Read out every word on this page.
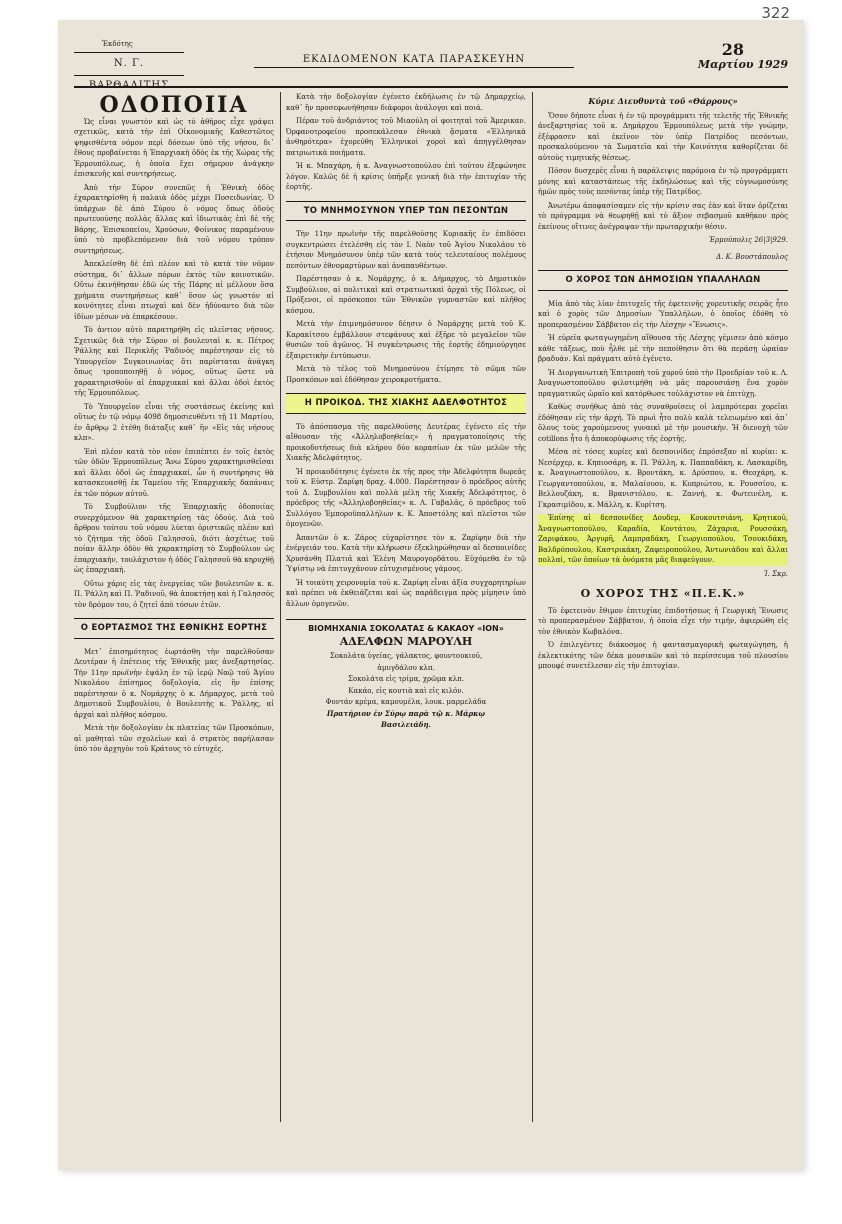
322
Ἐκδότης
Ν. Γ. ΒΑΡΘΑΛΙΤΗΣ
ΕΚΔΙΔΟΜΕΝΟΝ ΚΑΤΑ ΠΑΡΑΣΚΕΥΗΝ
28
Μαρτίου 1929
ΟΔΟΠΟΙΙΑ

Ὡς εἶναι γνωστὸν καὶ ὡς τὸ ἀθῆρος εἶχε γράψει σχετικῶς, κατὰ τὴν ἐπὶ Οἰκονομικῆς Καθεστῶτος ψηφισθέντα νόμον περὶ δόσεων ὑπὸ τῆς νήσου, δι᾽ ἔθους προβαίνεται ἡ Ἐπαρχιακὴ ὁδὸς ἐκ τῆς Χώρας τῆς Ἐρμουπόλεως, ἡ ὁποία ἔχει σήμερον ἀνάγκην ἐπισκευῆς καὶ συντηρήσεως.

Ἀπὸ τὴν Σύρον συνεπῶς ἡ Ἐθνικὴ ὁδὸς ἐχαρακτηρίσθη ἡ παλαιὰ ὁδὸς μέχρι Ποσειδωνίας. Ὁ ὑπάρχων δὲ ἀπὸ Σύρου ὁ νόμος ὅπως ὁδοὺς πρωτευούσης πολλὰς ἄλλας καὶ ἰδιωτικὰς ἐπὶ δὲ τῆς Βάρης, Ἐπισκοπείου, Χρούσων, Φοίνικος παραμένουν ὑπὸ τὸ προβλεπόμενον διὰ τοῦ νόμου τρόπον συντηρήσεως.

Ἀπεκλείσθη δὲ ἐπὶ πλέον καὶ τὸ κατὰ τὸν νόμον σύστημα, δι᾽ ἄλλων πόρων ἐκτὸς τῶν κοινοτικῶν. Οὕτω ἐκινήθησαν ἐδῶ ὡς τῆς Πάρης αἱ μέλλουν ὅσα χρήματα συντηρήσεως καθ᾽ ὅσον ὡς γνωστόν αἱ κοινότητες εἶναι πτωχαὶ καὶ δὲν ἠδύναντο διὰ τῶν ἰδίων μέσων νὰ ἐπαρκέσουν.

Τὸ ἀντιον αὐτὸ παρατηρήθη εἰς πλεῖστας νήσους. Σχετικῶς διὰ τὴν Σύρον οἱ βουλευταὶ κ. κ. Πέτρος Ῥάλλης καὶ Περικλῆς Ῥαδινὸς παρέστησαν εἰς τὸ Ὑπουργεῖον Συγκοινωνίας ὅτι παρίσταται ἀνάγκη ὅπως τροποποιηθῇ ὁ νόμος, οὕτως ὥστε νὰ χαρακτηρισθοῦν αἱ ἐπαρχιακαὶ καὶ ἄλλαι ὁδοὶ ἐκτὸς τῆς Ἑρμουπόλεως.

Τὸ Ὑπουργεῖον εἶναι τῆς συστάσεως ἐκείνης καὶ οὕτως ἐν τῷ νόμῳ 4098 δημοσιευθέντι τῇ 11 Μαρτίου, ἐν ἄρθρῳ 2 ἐτέθη διάταξις καθ᾽ ἣν «Εἰς τὰς νήσους κλπ».

Ἐπὶ πλέον κατὰ τὸν νέον ἐπιπέπτει ἐν τοῖς ἐκτὸς τῶν ὁδῶν Ἑρμουπόλεως Ἄνω Σύρου χαρακτηρισθεῖσαι καὶ ἄλλαι ὁδοὶ ὡς ἐπαρχιακαί, ὧν ἡ συντήρησις θὰ κατασκευασθῇ ἐκ Ταμείου τῆς Ἐπαρχιακῆς δαπάναις ἐκ τῶν πόρων αὐτοῦ.

Τὸ Συμβούλιον τῆς Ἐπαρχιακῆς ὁδοποιίας συνερχόμενον θὰ χαρακτηρίσῃ τὰς ὁδούς. Διὰ τοῦ ἄρθρου τούτου τοῦ νόμου λύεται ὁριστικῶς πλέον καὶ τὸ ζήτημα τῆς ὁδοῦ Γαλησσοῦ, διότι ἀσχέτως τοῦ ποίαν ἄλλην ὁδὸν θὰ χαρακτηρίσῃ τὸ Συμβούλιον ὡς ἐπαρχιακήν, τουλάχιστον ἡ ὁδὸς Γαλησσοῦ θὰ κηρυχθῇ ὡς ἐπαρχιακή.

Οὕτω χάρις εἰς τὰς ἐνεργείας τῶν βουλευτῶν κ. κ. Π. Ῥάλλη καὶ Π. Ῥαδινοῦ, θὰ ἀποκτήσῃ καὶ ἡ Γαλησσὸς τὸν δρόμον του, ὁ ζητεῖ ἀπὸ τόσων ἐτῶν.

Ο ΕΟΡΤΑΣΜΟΣ ΤΗΣ ΕΘΝΙΚΗΣ ΕΟΡΤΗΣ

Μετ᾽ ἐπισημότητος ἑωρτάσθη τὴν παρελθοῦσαν Δευτέραν ἡ ἐπέτειος τῆς Ἐθνικῆς μας ἀνεξαρτησίας. Τὴν 11ην πρωϊνὴν ἐψάλη ἐν τῷ ἱερῷ Ναῷ τοῦ Ἁγίου Νικολάου ἐπίσημος δοξολογία, εἰς ἣν ἐπίσης παρέστησαν ὁ κ. Νομάρχης ὁ κ. Δήμαρχος, μετὰ τοῦ Δημοτικοῦ Συμβουλίου, ὁ Βουλευτὴς κ. Ῥάλλης, αἱ ἀρχαὶ καὶ πλῆθος κόσμου.

Μετὰ τὴν δοξολογίαν ἐκ πλατείας τῶν Προσκόπων, αἱ μαθηταὶ τῶν σχολείων καὶ ὁ στρατὸς παρήλασαν ὑπὸ τὸν ἀρχηγὸν τοῦ Κράτους τὸ εὐτυχές.

Κατὰ τὴν δοξολογίαν ἐγένετο ἐκδήλωσις ἐν τῷ Δημαρχείῳ, καθ᾽ ἣν προσεφωνήθησαν διάφοροι ἀνάλογοι καὶ ποιά.

Πέραν τοῦ ἀνδριάντος τοῦ Μιαούλη οἱ φοιτηταὶ τοῦ Ἀμερικαν. Ὀρφανοτροφείου προσεκάλεσαν ἐθνικὰ ᾄσματα «Ἑλληνικὰ ἀνθηρότερα» ἐχορεύθη Ἑλληνικοὶ χοροὶ καὶ ἀπηγγέλθησαν πατριωτικὰ ποιήματα.

Ἡ κ. Μπαχάρη, ἡ κ. Ἀναγνωστοπούλου ἐπὶ τούτου ἐξεφώνησε λόγον. Καλῶς δὲ ἡ κρίσις ὑπῆρξε γενικὴ διὰ τὴν ἐπιτυχίαν τῆς ἑορτῆς.

ΤΟ ΜΝΗΜΟΣΥΝΟΝ ΥΠΕΡ ΤΩΝ ΠΕΣΟΝΤΩΝ

Τὴν 11ην πρωϊνὴν τῆς παρελθούσης Κυριακῆς ἐν ἐπιδόσει συγκεντρώσει ἐτελέσθη εἰς τὸν Ι. Ναὸν τοῦ Ἁγίου Νικολάου τὸ ἐτήσιον Μνημόσυνον ὑπὲρ τῶν κατὰ τοὺς τελευταίους πολέμους πεσόντων ἐθνομαρτύρων καὶ ἀναπαυθέντων.

Παρέστησαν ὁ κ. Νομάρχης, ὁ κ. Δήμαρχος, τὸ Δημοτικὸν Συμβούλιον, αἱ πολιτικαὶ καὶ στρατιωτικαὶ ἀρχαὶ τῆς Πόλεως, οἱ Πρόξενοι, οἱ πρόσκοποι τῶν Ἐθνικῶν γυμναστῶν καὶ πλῆθος κόσμου.

Μετὰ τὴν ἐπιμνημόσυνον δέησιν ὁ Νομάρχης μετὰ τοῦ Κ. Καρακίτσου ἐμβάλλουν στεφάνους καὶ ἐξῆρε τὸ μεγαλεῖον τῶν θυσιῶν τοῦ ἀγῶνος. Ἡ συγκέντρωσις τῆς ἑορτῆς ἐδημιούργησε ἐξαιρετικὴν ἐντύπωσιν.

Μετὰ τὸ τέλος τοῦ Μνημοσύνου ἐτίμησε τὸ σῶμα τῶν Προσκόπων καὶ ἐδόθησαν χειροκροτήματα.

Η ΠΡΟΙΚΟΔ. ΤΗΣ ΧΙΑΚΗΣ ΑΔΕΛΦΟΤΗΤΟΣ

Τὸ ἀπόσπασμα τῆς παρελθούσης Δευτέρας ἐγένετο εἰς τὴν αἴθουσαν τῆς «Ἀλληλοβοηθείας» ἡ πραγματοποίησις τῆς προικοδοτήσεως διὰ κλήρου δύο κορασίων ἐκ τῶν μελῶν τῆς Χιακῆς Ἀδελφότητος.

Ἡ προικοδότησις ἐγένετο ἐκ τῆς προς τὴν Ἀδελφότητα δωρεᾶς τοῦ κ. Εὐστρ. Ζαρίφη δραχ. 4.000. Παρέστησαν ὁ πρόεδρος αὐτῆς τοῦ Δ. Συμβουλίου καὶ πολλὰ μέλη τῆς Χιακῆς Ἀδελφότητος, ὁ πρόεδρος τῆς «Ἀλληλοβοηθείας» κ. Λ. Γαβαλᾶς, ὁ πρόεδρος τοῦ Συλλόγου Ἐμποροϋπαλλήλων κ. Κ. Ἀποστόλης καὶ πλεῖστοι τῶν ὁμογενῶν.

Ἀπαντῶν ὁ κ. Ζάρος εὐχαρίστησε τὸν κ. Ζαρίφην διὰ τὴν ἐνέργειάν του. Κατὰ τὴν κλήρωσιν ἐξεκληρώθησαν αἱ δεσποινίδες Χρυσάνθη Πλατιᾶ καὶ Ἑλένη Μαυρογορδάτου. Εὐχόμεθα ἐν τῷ Ὑψίστῳ νὰ ἐπιτυγχάνουν εὐτυχισμένους γάμους.

Ἡ τοιαύτη χειρονομία τοῦ κ. Ζαρίφη εἶναι ἀξία συγχαρητηρίων καὶ πρέπει νὰ ἐκθειάζεται καὶ ὡς παράδειγμα πρὸς μίμησιν ὑπὸ ἄλλων ὁμογενῶν.

ΒΙΟΜΗΧΑΝΙΑ ΣΟΚΟΛΑΤΑΣ & ΚΑΚΑΟΥ «ΙΟΝ»
ΑΔΕΛΦΩΝ ΜΑΡΟΥΛΗ
Σοκολάτα ὑγείας, γάλακτος, φουντουκιοῦ,
ἀμυγδάλου κλπ.
Σοκολάτα εἰς τρίμα, χρῶμα κλπ.
Κακάο, εἰς κουτιὰ καὶ εἰς κιλόν.
Φοντάν κρέμα, καμουμέλα, λουκ. μαρμελάδα
Πρατήριον ἐν Σύρῳ παρὰ τῷ κ. Μάρκῳ
Βασιλειάδη.
Κύριε Διευθυντὰ τοῦ «Θάρρους»

Ὅσον δήποτε εἶναι ἡ ἐν τῷ προγράμματι τῆς τελετῆς τῆς Ἐθνικῆς ἀνεξαρτησίας τοῦ κ. Δημάρχου Ἑρμουπόλεως μετὰ τὴν γνώμην, ἐξέφρασεν καὶ ἐκεῖνον τὸν ὑπὲρ Πατρίδος πεσόντων, προσκαλούμενον τὰ Σωματεῖα καὶ τὴν Κοινότητα καθορίζεται δὲ αὐτοὺς τιμητικῆς θέσεως.

Πόσον δυσχερὲς εἶναι ἡ παράλειψις παρόμοια ἐν τῷ προγράμματι μόνης καὶ καταστάσεως τῆς ἐκδηλώσεως καὶ τῆς εὐγνωμοσύνης ἡμῶν πρὸς τοὺς πεσόντας ὑπὲρ τῆς Πατρίδος.

Ἀνωτέρω ἀποφασίσαμεν εἰς τὴν κρίσιν σας ἐὰν καὶ ὅταν ὁρίζεται τὸ πρόγραμμα νὰ θεωρηθῇ καὶ τὸ ἄξιον σεβασμοῦ καθῆκον πρὸς ἐκείνους οἵτινες ἀνέγραψαν τὴν πρωταρχικὴν θέσιν.

Ἑρμούπολις 26|3|929.
Δ. Κ. Βουστάπουλος
Ο ΧΟΡΟΣ ΤΩΝ ΔΗΜΟΣΙΩΝ ΥΠΑΛΛΗΛΩΝ

Μία ἀπὸ τὰς λίαν ἐπιτυχεῖς τῆς ἐφετεινῆς χορευτικῆς σειρᾶς ἦτο καὶ ὁ χορὸς τῶν Δημοσίων Ὑπαλλήλων, ὁ ὁποῖος ἐδόθη τὸ προπερασμένον Σάββατον εἰς τὴν Λέσχην «Ἕνωσις».

Ἡ εὐρεῖα φωταγωγημένη αἴθουσα τῆς Λέσχης γέμισεν ἀπὸ κόσμο κάθε τάξεως, ποὺ ἦλθε μὲ τὴν πεποίθησιν ὅτι θὰ περάσῃ ὡραίαν βραδυάν. Καὶ πράγματι αὐτὸ ἐγένετο.

Ἡ Διοργανωτικὴ Ἐπιτροπὴ τοῦ χοροῦ ὑπὸ τὴν Προεδρίαν τοῦ κ. Λ. Ἀναγνωστοπούλου φιλοτιμήθη νὰ μᾶς παρουσιάσῃ ἕνα χορὸν πραγματικῶς ὡραῖο καὶ κατόρθωσε τοὐλάχιστον νὰ ἐπιτύχῃ.

Καθὼς συνήθως ἀπὸ τὰς συναθροίσεις οἱ λαμπρότεραι χορεῖαι ἐδόθησαν εἰς τὴν ἀρχή. Τὸ πρωὶ ἦτο πολὺ καλὰ τελειωμένο καὶ ἀπ᾽ ὅλους τοὺς χαρούμενους γυναικὶ μὲ τὴν μουσικὴν. Ἡ διενοχὴ τῶν cotillons ἦτο ἡ ἀποκορύφωσις τῆς ἑορτῆς.

Μέσα σὲ τόσες κυρίες καὶ δεσποινίδες ἐπρόσεξαν αἱ κυρίαι: κ. Νεσέρχερ, κ. Κηπιοσάρη, κ. Π. Ῥάλλη, κ. Παππαδάκη, κ. Λασκαρίδη, κ. Ἀναγνωστοπούλου, κ. Βροντάκη, κ. Δρύσπου, κ. Θεοχάρη, κ. Γεωργαντοπούλου, κ. Μαλαίουου, κ. Κυπριώτου, κ. Ρουσσίου, κ. Βελλουζάκη, κ. Βρανιστόλου, κ. Ζαννή, κ. Φωτεινέλη, κ. Γκρασιμίδου, κ. Μάλλη, κ. Κυρίτση.

Ἐπίσης αἱ δεσποινίδες Δουδεμ, Κουκουτσιάνη, Κρητικοῦ, Ἀναγνωστοπούλου, Καραδία, Κοντάτου, Ζάχαρια, Ρουσσάκη, Ζαριφάκου, Ἀργυρῆ, Λαμπραδάκη, Γεωργιοπούλου, Τσουκιδάκη, Βαλδρόπουλου, Καστρικάκη, Ζαφειροπούλου, Ἀντωνιάδου καὶ ἄλλαι πολλαί, τῶν ὁποίων τὰ ὀνόματα μᾶς διαφεύγουν.

Ἰ. Σκρ.
Ο ΧΟΡΟΣ ΤΗΣ «Π.Ε.Κ.»

Τὸ ἐφετεινὸν ἔθιμον ἐπιτυχίας ἐπιδοτήσεως ἡ Γεωργικὴ Ἕνωσις τὸ προπερασμένον Σάββατον, ἡ ὁποία εἶχε τὴν τιμήν, ἀφιερώθη εἰς τὸν ἐθνικὸν Κωβαλόνα.

Ὁ ἐπιλεγέντες διάκοσμος ἡ φαντασμαγορικὴ φωταγώγηση, ἡ ἐκλεκτικότης τῶν δέκα μουσικῶν καὶ τὸ περίσσευμα τοῦ πλουσίου μπουφέ συνετέλεσαν εἰς τὴν ἐπιτυχίαν.
